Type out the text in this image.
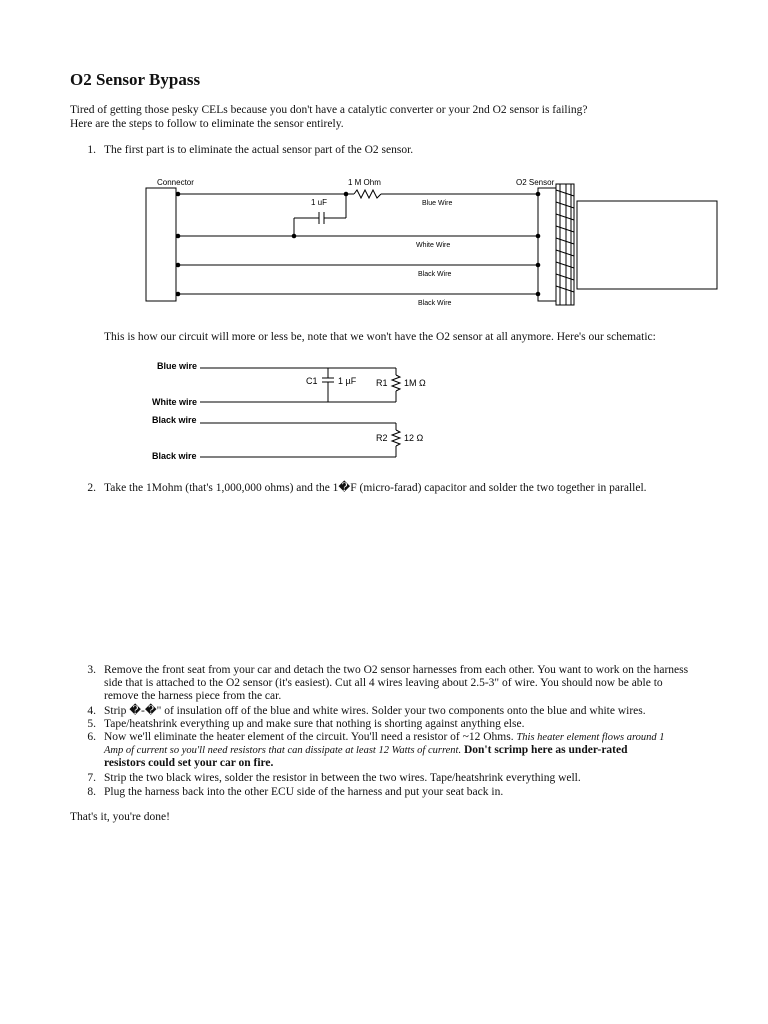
O2 Sensor Bypass

Tired of getting those pesky CELs because you don't have a catalytic converter or your 2nd O2 sensor is failing?
Here are the steps to follow to eliminate the sensor entirely.

1. The first part is to eliminate the actual sensor part of the O2 sensor.
Connector	1 M Ohm
1 uF
O2 Sensor
Blue Wire
White Wire
Black Wire
Black Wire

This is how our circuit will more or less be, note that we won't have the O2 sensor at all anymore. Here's our schematic:

Blue wire
White wire
Black wire
Black wire
C1 1 µF R1 1M Ω
R2 12 Ω
2. Take the 1Mohm (that's 1,000,000 ohms) and the 1�F (micro-farad) capacitor and solder the two together in parallel.
3. Remove the front seat from your car and detach the two O2 sensor harnesses from each other. You want to work on the harness
side that is attached to the O2 sensor (it's easiest). Cut all 4 wires leaving about 2.5-3" of wire. You should now be able to
remove the harness piece from the car.
4. Strip �-�" of insulation off of the blue and white wires. Solder your two components onto the blue and white wires.
5. Tape/heatshrink everything up and make sure that nothing is shorting against anything else.
6. Now we'll eliminate the heater element of the circuit. You'll need a resistor of ~12 Ohms. This heater element flows around 1
Amp of current so you'll need resistors that can dissipate at least 12 Watts of current. Don't scrimp here as under-rated
resistors could set your car on fire.
7. Strip the two black wires, solder the resistor in between the two wires. Tape/heatshrink everything well.
8. Plug the harness back into the other ECU side of the harness and put your seat back in.

That's it, you're done!
